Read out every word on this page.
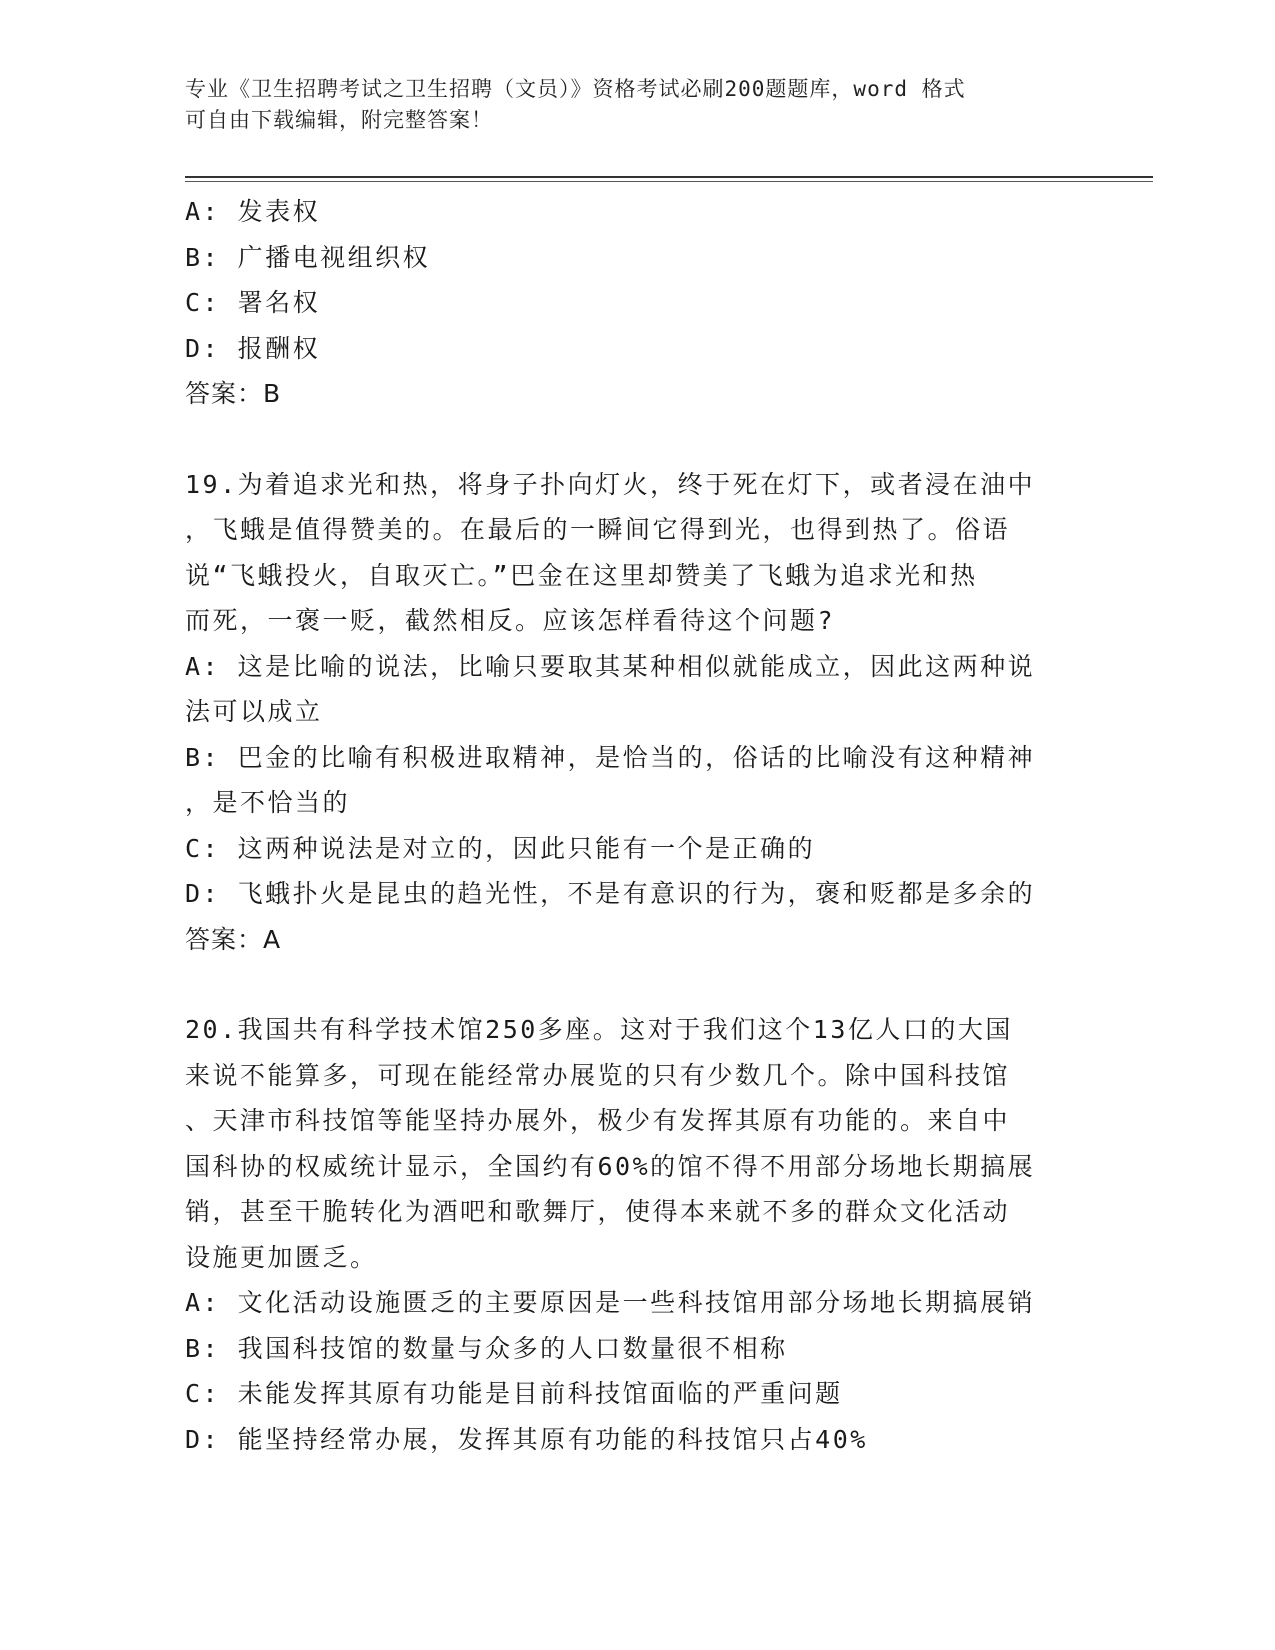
专业《卫生招聘考试之卫生招聘（文员）》资格考试必刷200题题库，word 格式
可自由下载编辑，附完整答案！
A: 发表权
B: 广播电视组织权
C: 署名权
D: 报酬权
答案：B
19.为着追求光和热，将身子扑向灯火，终于死在灯下，或者浸在油中
，飞蛾是值得赞美的。在最后的一瞬间它得到光，也得到热了。俗语
说“飞蛾投火，自取灭亡。”巴金在这里却赞美了飞蛾为追求光和热
而死，一褒一贬，截然相反。应该怎样看待这个问题?
A: 这是比喻的说法，比喻只要取其某种相似就能成立，因此这两种说
法可以成立
B: 巴金的比喻有积极进取精神，是恰当的，俗话的比喻没有这种精神
，是不恰当的
C: 这两种说法是对立的，因此只能有一个是正确的
D: 飞蛾扑火是昆虫的趋光性，不是有意识的行为，褒和贬都是多余的
答案：A
20.我国共有科学技术馆250多座。这对于我们这个13亿人口的大国
来说不能算多，可现在能经常办展览的只有少数几个。除中国科技馆
、天津市科技馆等能坚持办展外，极少有发挥其原有功能的。来自中
国科协的权威统计显示，全国约有60%的馆不得不用部分场地长期搞展
销，甚至干脆转化为酒吧和歌舞厅，使得本来就不多的群众文化活动
设施更加匮乏。
A: 文化活动设施匮乏的主要原因是一些科技馆用部分场地长期搞展销
B: 我国科技馆的数量与众多的人口数量很不相称
C: 未能发挥其原有功能是目前科技馆面临的严重问题
D: 能坚持经常办展，发挥其原有功能的科技馆只占40%
